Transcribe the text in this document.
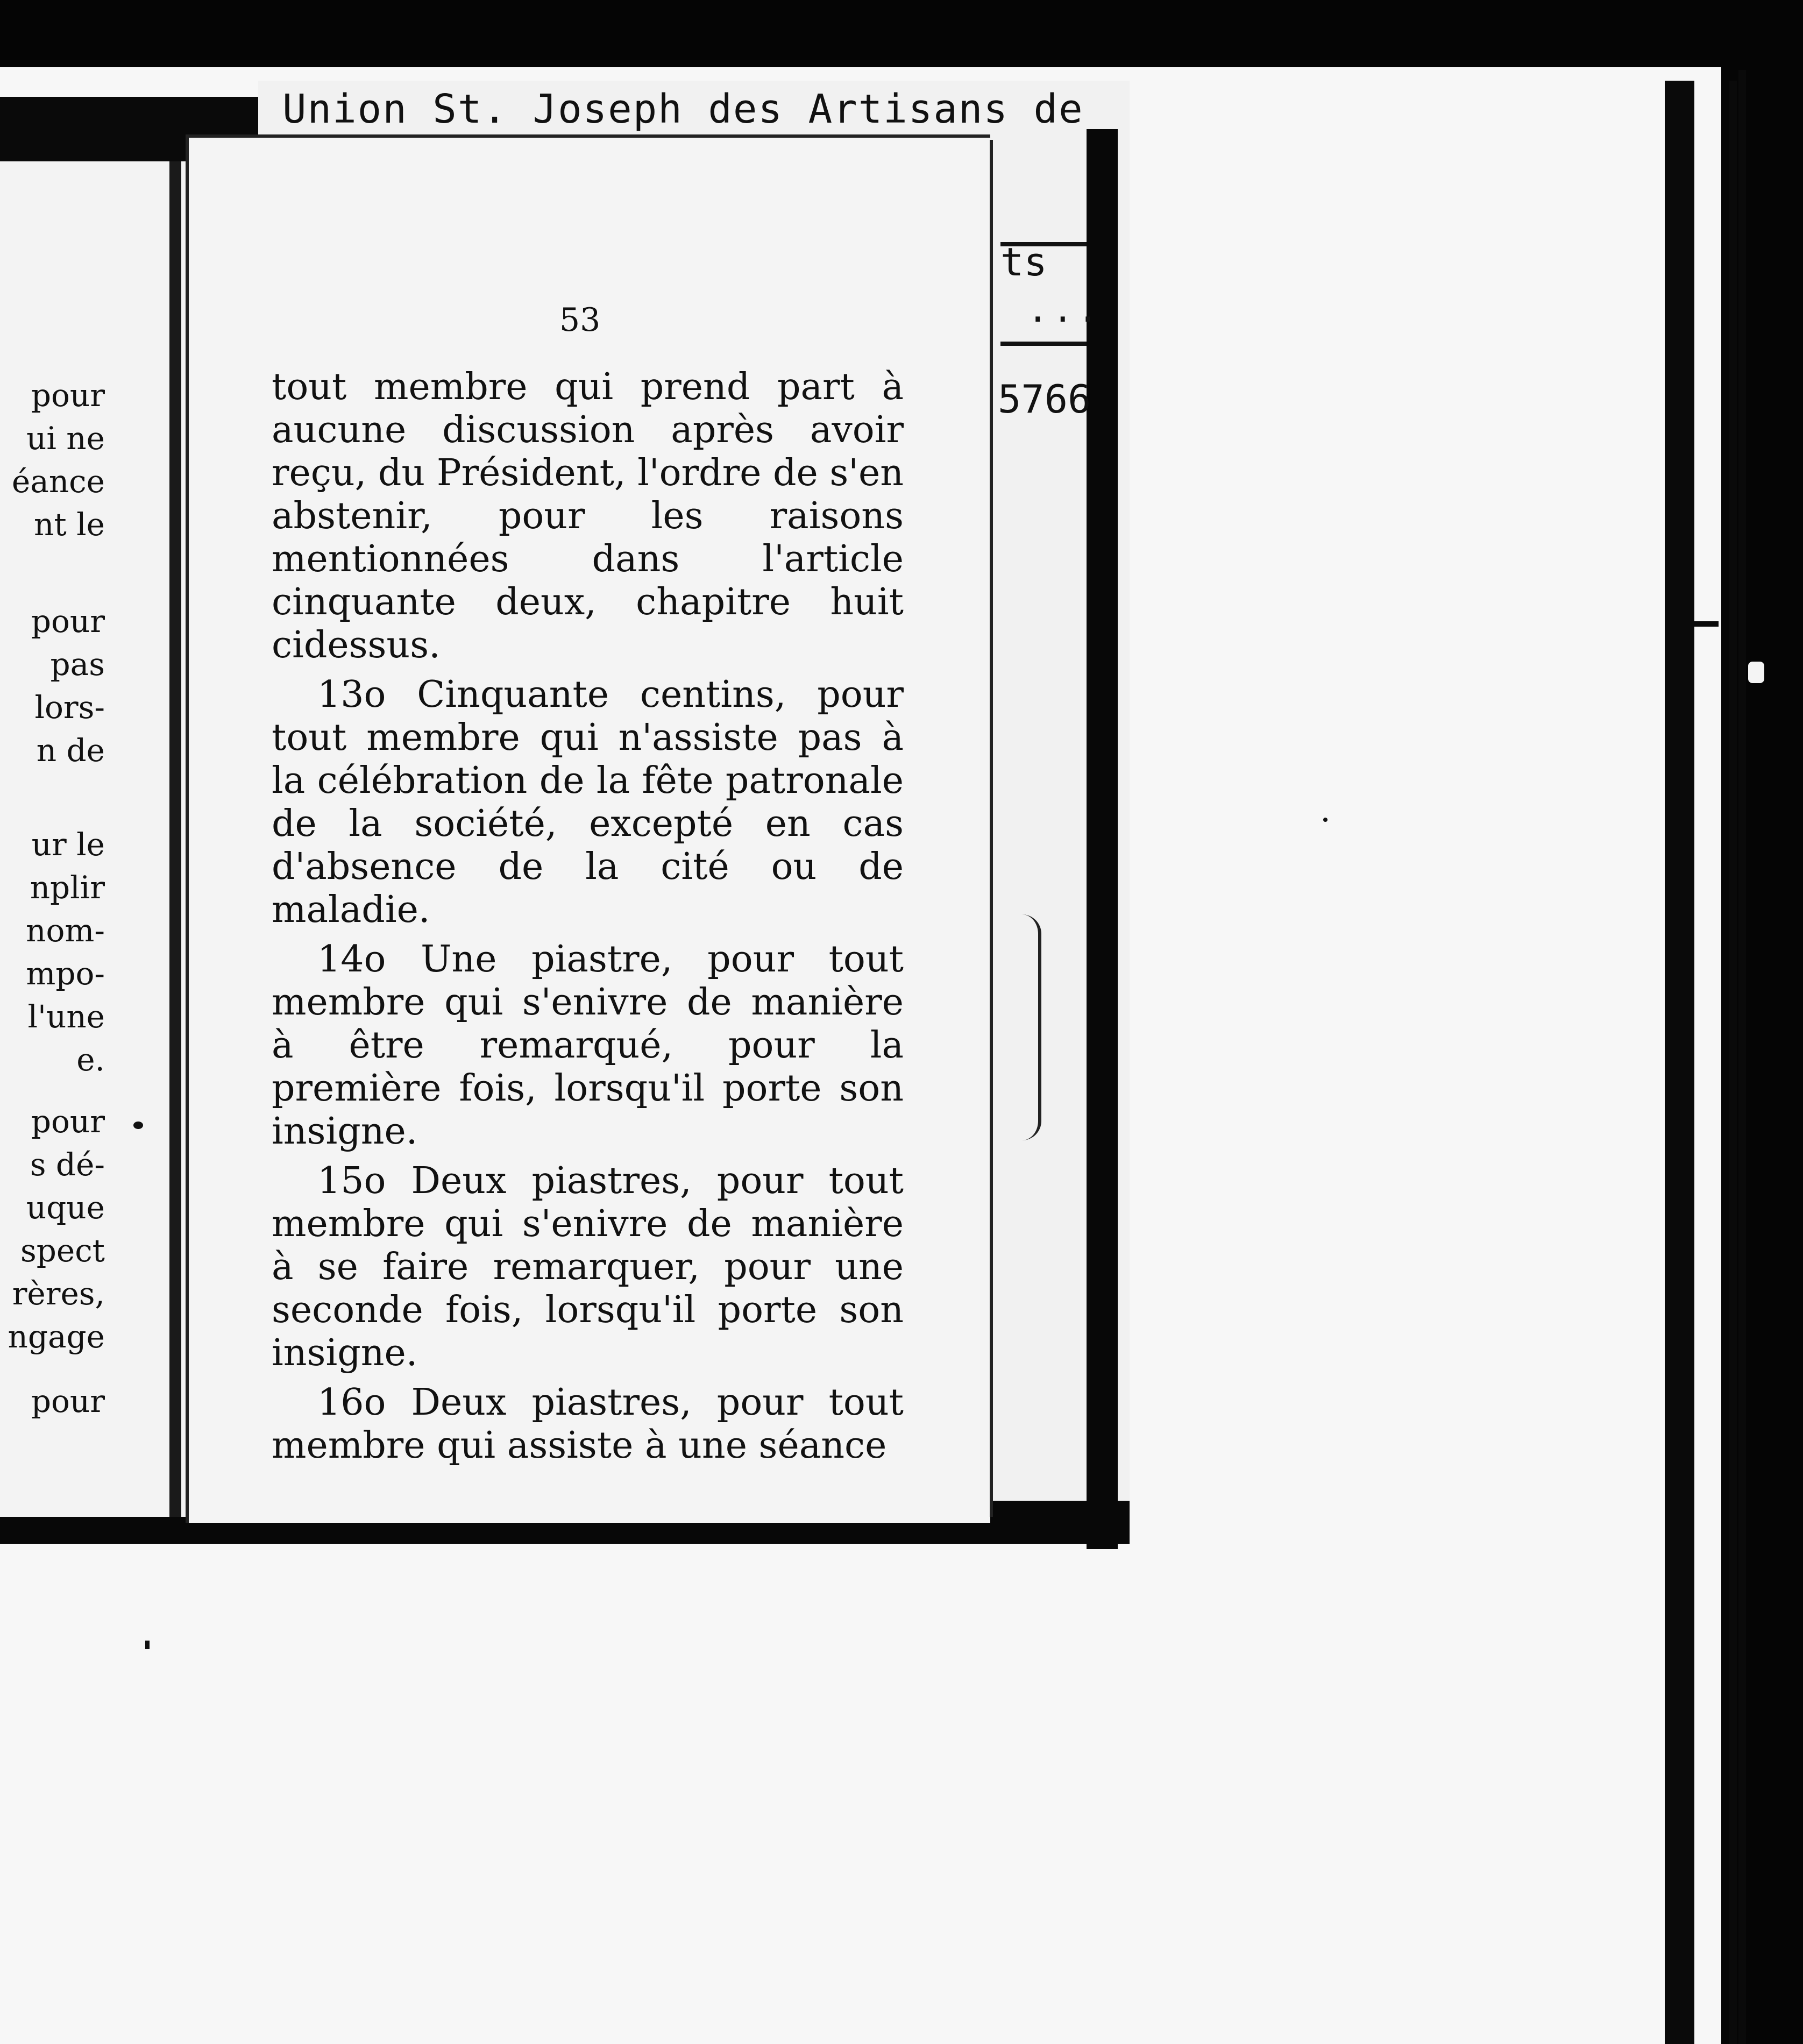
Union St. Joseph des Artisans de
ts
...
5766
pour
ui ne
éance
nt le
pour
pas
lors-
n de
ur le
nplir
nom-
mpo-
l'une
e.
pour
s dé-
uque
spect
rères,
ngage
pour
53

tout membre qui prend part à aucune discussion après avoir reçu, du Président, l'ordre de s'en abstenir, pour les raisons mentionnées dans l'article cinquante deux, chapitre huit cidessus.

13o Cinquante centins, pour tout membre qui n'assiste pas à la célébration de la fête patronale de la société, excepté en cas d'absence de la cité ou de maladie.

14o Une piastre, pour tout membre qui s'enivre de manière à être remarqué, pour la première fois, lorsqu'il porte son insigne.

15o Deux piastres, pour tout membre qui s'enivre de manière à se faire remarquer, pour une seconde fois, lorsqu'il porte son insigne.

16o Deux piastres, pour tout membre qui assiste à une séance
